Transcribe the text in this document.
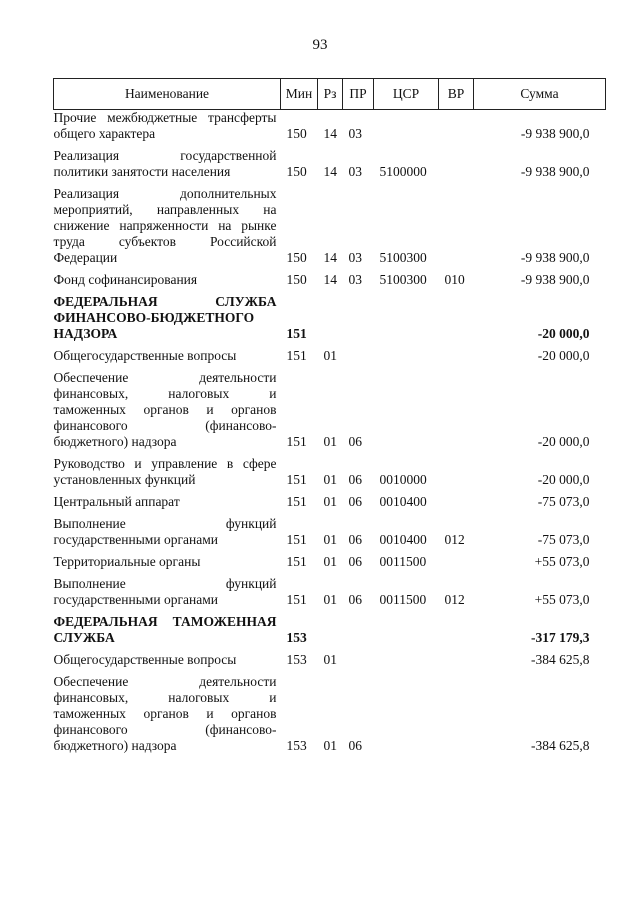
93
Наименование	Мин	Рз	ПР	ЦСР	ВР	Сумма
Прочие межбюджетные трансферты общего характера	150	14	03			-9 938 900,0

Реализация государственной политики занятости населения	150	14	03	5100000		-9 938 900,0

Реализация дополнительных мероприятий, направленных на снижение напряженности на рынке труда субъектов Российской Федерации	150	14	03	5100300		-9 938 900,0

Фонд софинансирования	150	14	03	5100300	010	-9 938 900,0

ФЕДЕРАЛЬНАЯ СЛУЖБА ФИНАНСОВО-БЮДЖЕТНОГО НАДЗОРА	151					-20 000,0

Общегосударственные вопросы	151	01				-20 000,0

Обеспечение деятельности финансовых, налоговых и таможенных органов и органов финансового (финансово-бюджетного) надзора	151	01	06			-20 000,0

Руководство и управление в сфере установленных функций	151	01	06	0010000		-20 000,0

Центральный аппарат	151	01	06	0010400		-75 073,0

Выполнение функций государственными органами	151	01	06	0010400	012	-75 073,0

Территориальные органы	151	01	06	0011500		+55 073,0

Выполнение функций государственными органами	151	01	06	0011500	012	+55 073,0

ФЕДЕРАЛЬНАЯ ТАМОЖЕННАЯ СЛУЖБА	153					-317 179,3

Общегосударственные вопросы	153	01				-384 625,8

Обеспечение деятельности финансовых, налоговых и таможенных органов и органов финансового (финансово-бюджетного) надзора	153	01	06			-384 625,8
